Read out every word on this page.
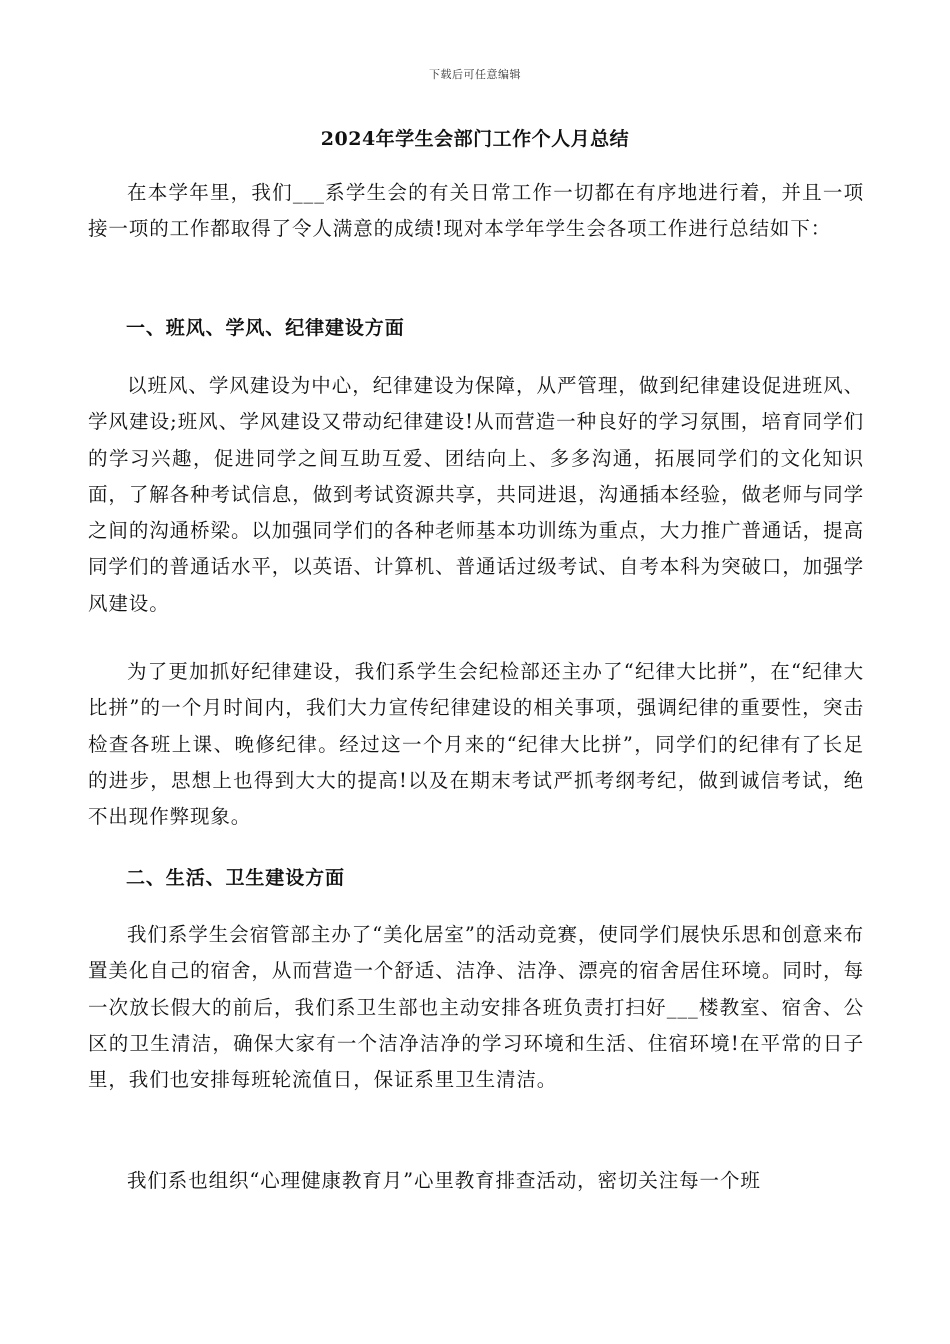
下载后可任意编辑
2024年学生会部门工作个人月总结
在本学年里，我们___系学生会的有关日常工作一切都在有序地进行着，并且一项接一项的工作都取得了令人满意的成绩!现对本学年学生会各项工作进行总结如下：
一、班风、学风、纪律建设方面
以班风、学风建设为中心，纪律建设为保障，从严管理，做到纪律建设促进班风、学风建设;班风、学风建设又带动纪律建设!从而营造一种良好的学习氛围，培育同学们的学习兴趣，促进同学之间互助互爱、团结向上、多多沟通，拓展同学们的文化知识面，了解各种考试信息，做到考试资源共享，共同进退，沟通插本经验，做老师与同学之间的沟通桥梁。以加强同学们的各种老师基本功训练为重点，大力推广普通话，提高同学们的普通话水平，以英语、计算机、普通话过级考试、自考本科为突破口，加强学风建设。
为了更加抓好纪律建设，我们系学生会纪检部还主办了“纪律大比拼”，在“纪律大比拼”的一个月时间内，我们大力宣传纪律建设的相关事项，强调纪律的重要性，突击检查各班上课、晚修纪律。经过这一个月来的“纪律大比拼”，同学们的纪律有了长足的进步，思想上也得到大大的提高!以及在期末考试严抓考纲考纪，做到诚信考试，绝不出现作弊现象。
二、生活、卫生建设方面
我们系学生会宿管部主办了“美化居室”的活动竞赛，使同学们展快乐思和创意来布置美化自己的宿舍，从而营造一个舒适、洁净、洁净、漂亮的宿舍居住环境。同时，每一次放长假大的前后，我们系卫生部也主动安排各班负责打扫好___楼教室、宿舍、公区的卫生清洁，确保大家有一个洁净洁净的学习环境和生活、住宿环境!在平常的日子里，我们也安排每班轮流值日，保证系里卫生清洁。
我们系也组织“心理健康教育月”心里教育排查活动，密切关注每一个班
